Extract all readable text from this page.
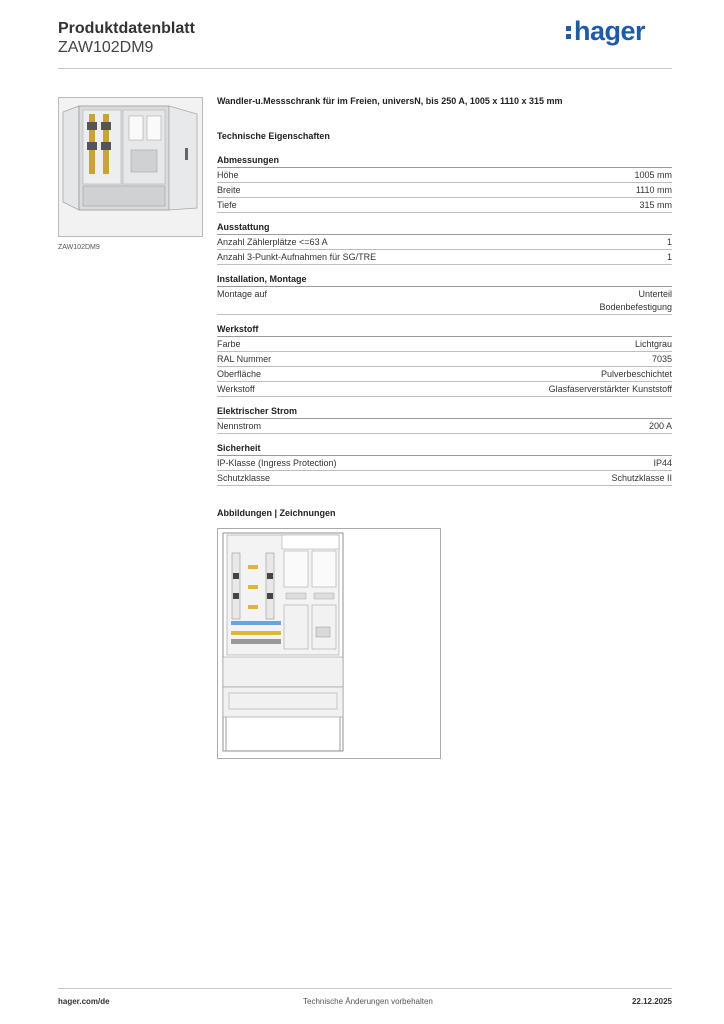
Produktdatenblatt
ZAW102DM9
hager
ZAW102DM9
Wandler-u.Messschrank für im Freien, universN, bis 250 A, 1005 x 1110 x 315 mm
Technische Eigenschaften
Abmessungen
Höhe	1005 mm
Breite	1110 mm
Tiefe	315 mm
Ausstattung
Anzahl Zählerplätze <=63 A	1
Anzahl 3-Punkt-Aufnahmen für SG/TRE	1
Installation, Montage
Montage auf	Unterteil
Bodenbefestigung
Werkstoff
Farbe	Lichtgrau
RAL Nummer	7035
Oberfläche	Pulverbeschichtet
Werkstoff	Glasfaserverstärkter Kunststoff
Elektrischer Strom
Nennstrom	200 A
Sicherheit
IP-Klasse (Ingress Protection)	IP44
Schutzklasse	Schutzklasse II
Abbildungen | Zeichnungen
hager.com/de	Technische Änderungen vorbehalten	22.12.2025
